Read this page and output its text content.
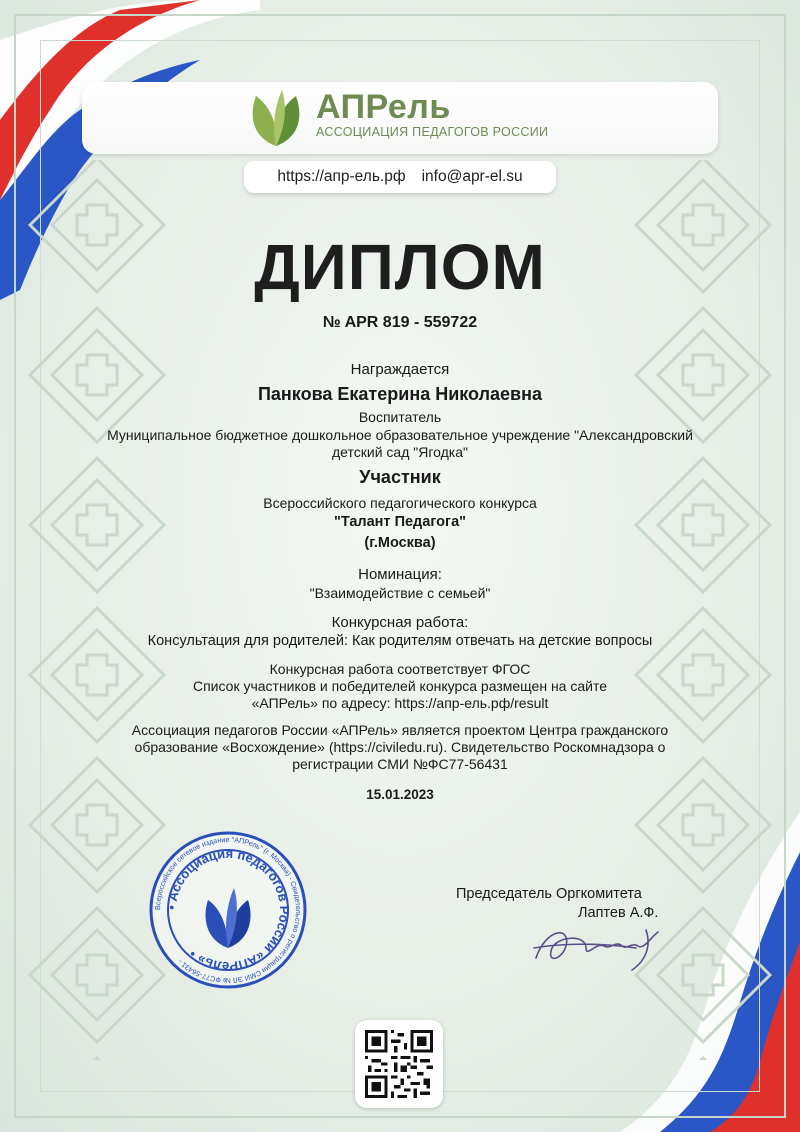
АПРель
АССОЦИАЦИЯ ПЕДАГОГОВ РОССИИ
https://апр-ель.рф info@apr-el.su
ДИПЛОМ
№ APR 819 - 559722
Награждается
Панкова Екатерина Николаевна
Воспитатель
Муниципальное бюджетное дошкольное образовательное учреждение "Александровский
детский сад "Ягодка"
Участник
Всероссийского педагогического конкурса
"Талант Педагога"
(г.Москва)
Номинация:
"Взаимодействие с семьей"
Конкурсная работа:
Консультация для родителей: Как родителям отвечать на детские вопросы
Конкурсная работа соответствует ФГОС
Список участников и победителей конкурса размещен на сайте
«АПРель» по адресу: https://апр-ель.рф/result
Ассоциация педагогов России «АПРель» является проектом Центра гражданского
образование «Восхождение» (https://civiledu.ru). Свидетельство Роскомнадзора о
регистрации СМИ №ФС77-56431
15.01.2023
Всероссийское сетевое издание "АПРель" (г. Москва) - Свидетельство о регистрации СМИ ЭЛ № ФС77-56431 -
• Ассоциация педагогов России «АПРель» •
Председатель Оргкомитета
Лаптев А.Ф.
